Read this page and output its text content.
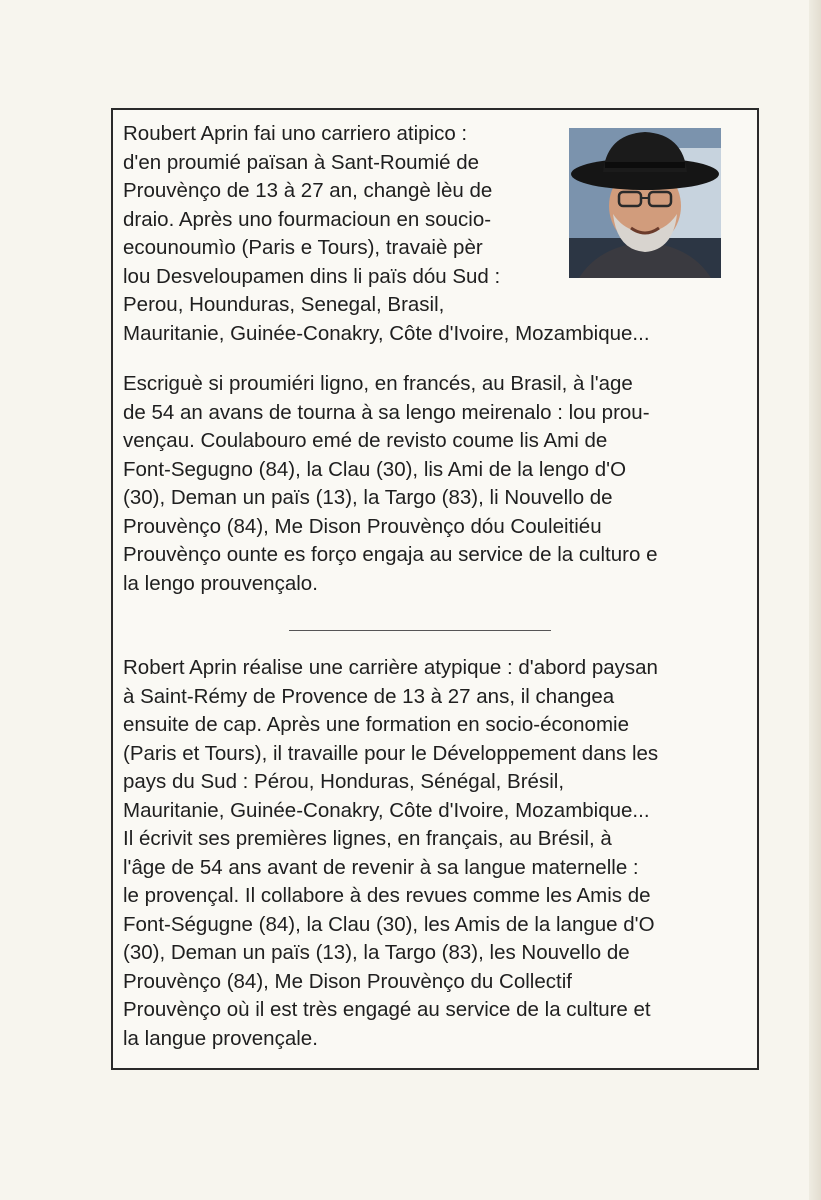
Roubert Aprin fai uno carriero atipico :
d'en proumié païsan à Sant-Roumié de
Prouvènço de 13 à 27 an, changè lèu de
draio. Après uno fourmacioun en soucio-
ecounoumìo (Paris e Tours), travaiè pèr
lou Desveloupamen dins li païs dóu Sud :
Perou, Hounduras, Senegal, Brasil,
Mauritanie, Guinée-Conakry, Côte d'Ivoire, Mozambique...

Escriguè si proumiéri ligno, en francés, au Brasil, à l'age
de 54 an avans de tourna à sa lengo meirenalo : lou prou-
vençau. Coulabouro emé de revisto coume lis Ami de
Font-Segugno (84), la Clau (30), lis Ami de la lengo d'O
(30), Deman un païs (13), la Targo (83), li Nouvello de
Prouvènço (84), Me Dison Prouvènço dóu Couleitiéu
Prouvènço ounte es forço engaja au service de la culturo e
la lengo prouvençalo.

Robert Aprin réalise une carrière atypique : d'abord paysan
à Saint-Rémy de Provence de 13 à 27 ans, il changea
ensuite de cap. Après une formation en socio-économie
(Paris et Tours), il travaille pour le Développement dans les
pays du Sud : Pérou, Honduras, Sénégal, Brésil,
Mauritanie, Guinée-Conakry, Côte d'Ivoire, Mozambique...
Il écrivit ses premières lignes, en français, au Brésil, à
l'âge de 54 ans avant de revenir à sa langue maternelle :
le provençal. Il collabore à des revues comme les Amis de
Font-Ségugne (84), la Clau (30), les Amis de la langue d'O
(30), Deman un païs (13), la Targo (83), les Nouvello de
Prouvènço (84), Me Dison Prouvènço du Collectif
Prouvènço où il est très engagé au service de la culture et
la langue provençale.
